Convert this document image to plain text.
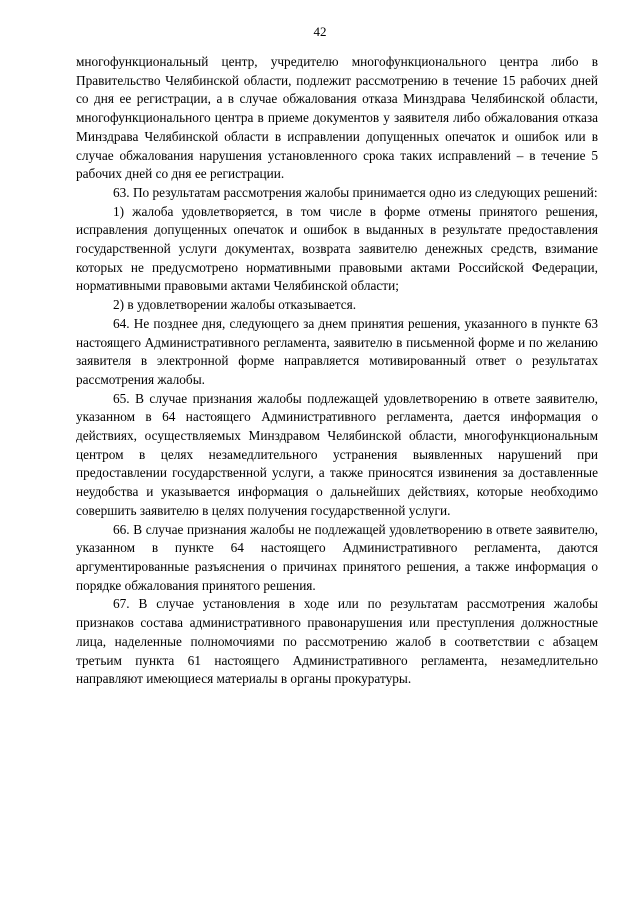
42

многофункциональный центр, учредителю многофункционального центра либо в Правительство Челябинской области, подлежит рассмотрению в течение 15 рабочих дней со дня ее регистрации, а в случае обжалования отказа Минздрава Челябинской области, многофункционального центра в приеме документов у заявителя либо обжалования отказа Минздрава Челябинской области в исправлении допущенных опечаток и ошибок или в случае обжалования нарушения установленного срока таких исправлений – в течение 5 рабочих дней со дня ее регистрации.

63. По результатам рассмотрения жалобы принимается одно из следующих решений:

1) жалоба удовлетворяется, в том числе в форме отмены принятого решения, исправления допущенных опечаток и ошибок в выданных в результате предоставления государственной услуги документах, возврата заявителю денежных средств, взимание которых не предусмотрено нормативными правовыми актами Российской Федерации, нормативными правовыми актами Челябинской области;

2) в удовлетворении жалобы отказывается.

64. Не позднее дня, следующего за днем принятия решения, указанного в пункте 63 настоящего Административного регламента, заявителю в письменной форме и по желанию заявителя в электронной форме направляется мотивированный ответ о результатах рассмотрения жалобы.

65. В случае признания жалобы подлежащей удовлетворению в ответе заявителю, указанном в 64 настоящего Административного регламента, дается информация о действиях, осуществляемых Минздравом Челябинской области, многофункциональным центром в целях незамедлительного устранения выявленных нарушений при предоставлении государственной услуги, а также приносятся извинения за доставленные неудобства и указывается информация о дальнейших действиях, которые необходимо совершить заявителю в целях получения государственной услуги.

66. В случае признания жалобы не подлежащей удовлетворению в ответе заявителю, указанном в пункте 64 настоящего Административного регламента, даются аргументированные разъяснения о причинах принятого решения, а также информация о порядке обжалования принятого решения.

67. В случае установления в ходе или по результатам рассмотрения жалобы признаков состава административного правонарушения или преступления должностные лица, наделенные полномочиями по рассмотрению жалоб в соответствии с абзацем третьим пункта 61 настоящего Административного регламента, незамедлительно направляют имеющиеся материалы в органы прокуратуры.
